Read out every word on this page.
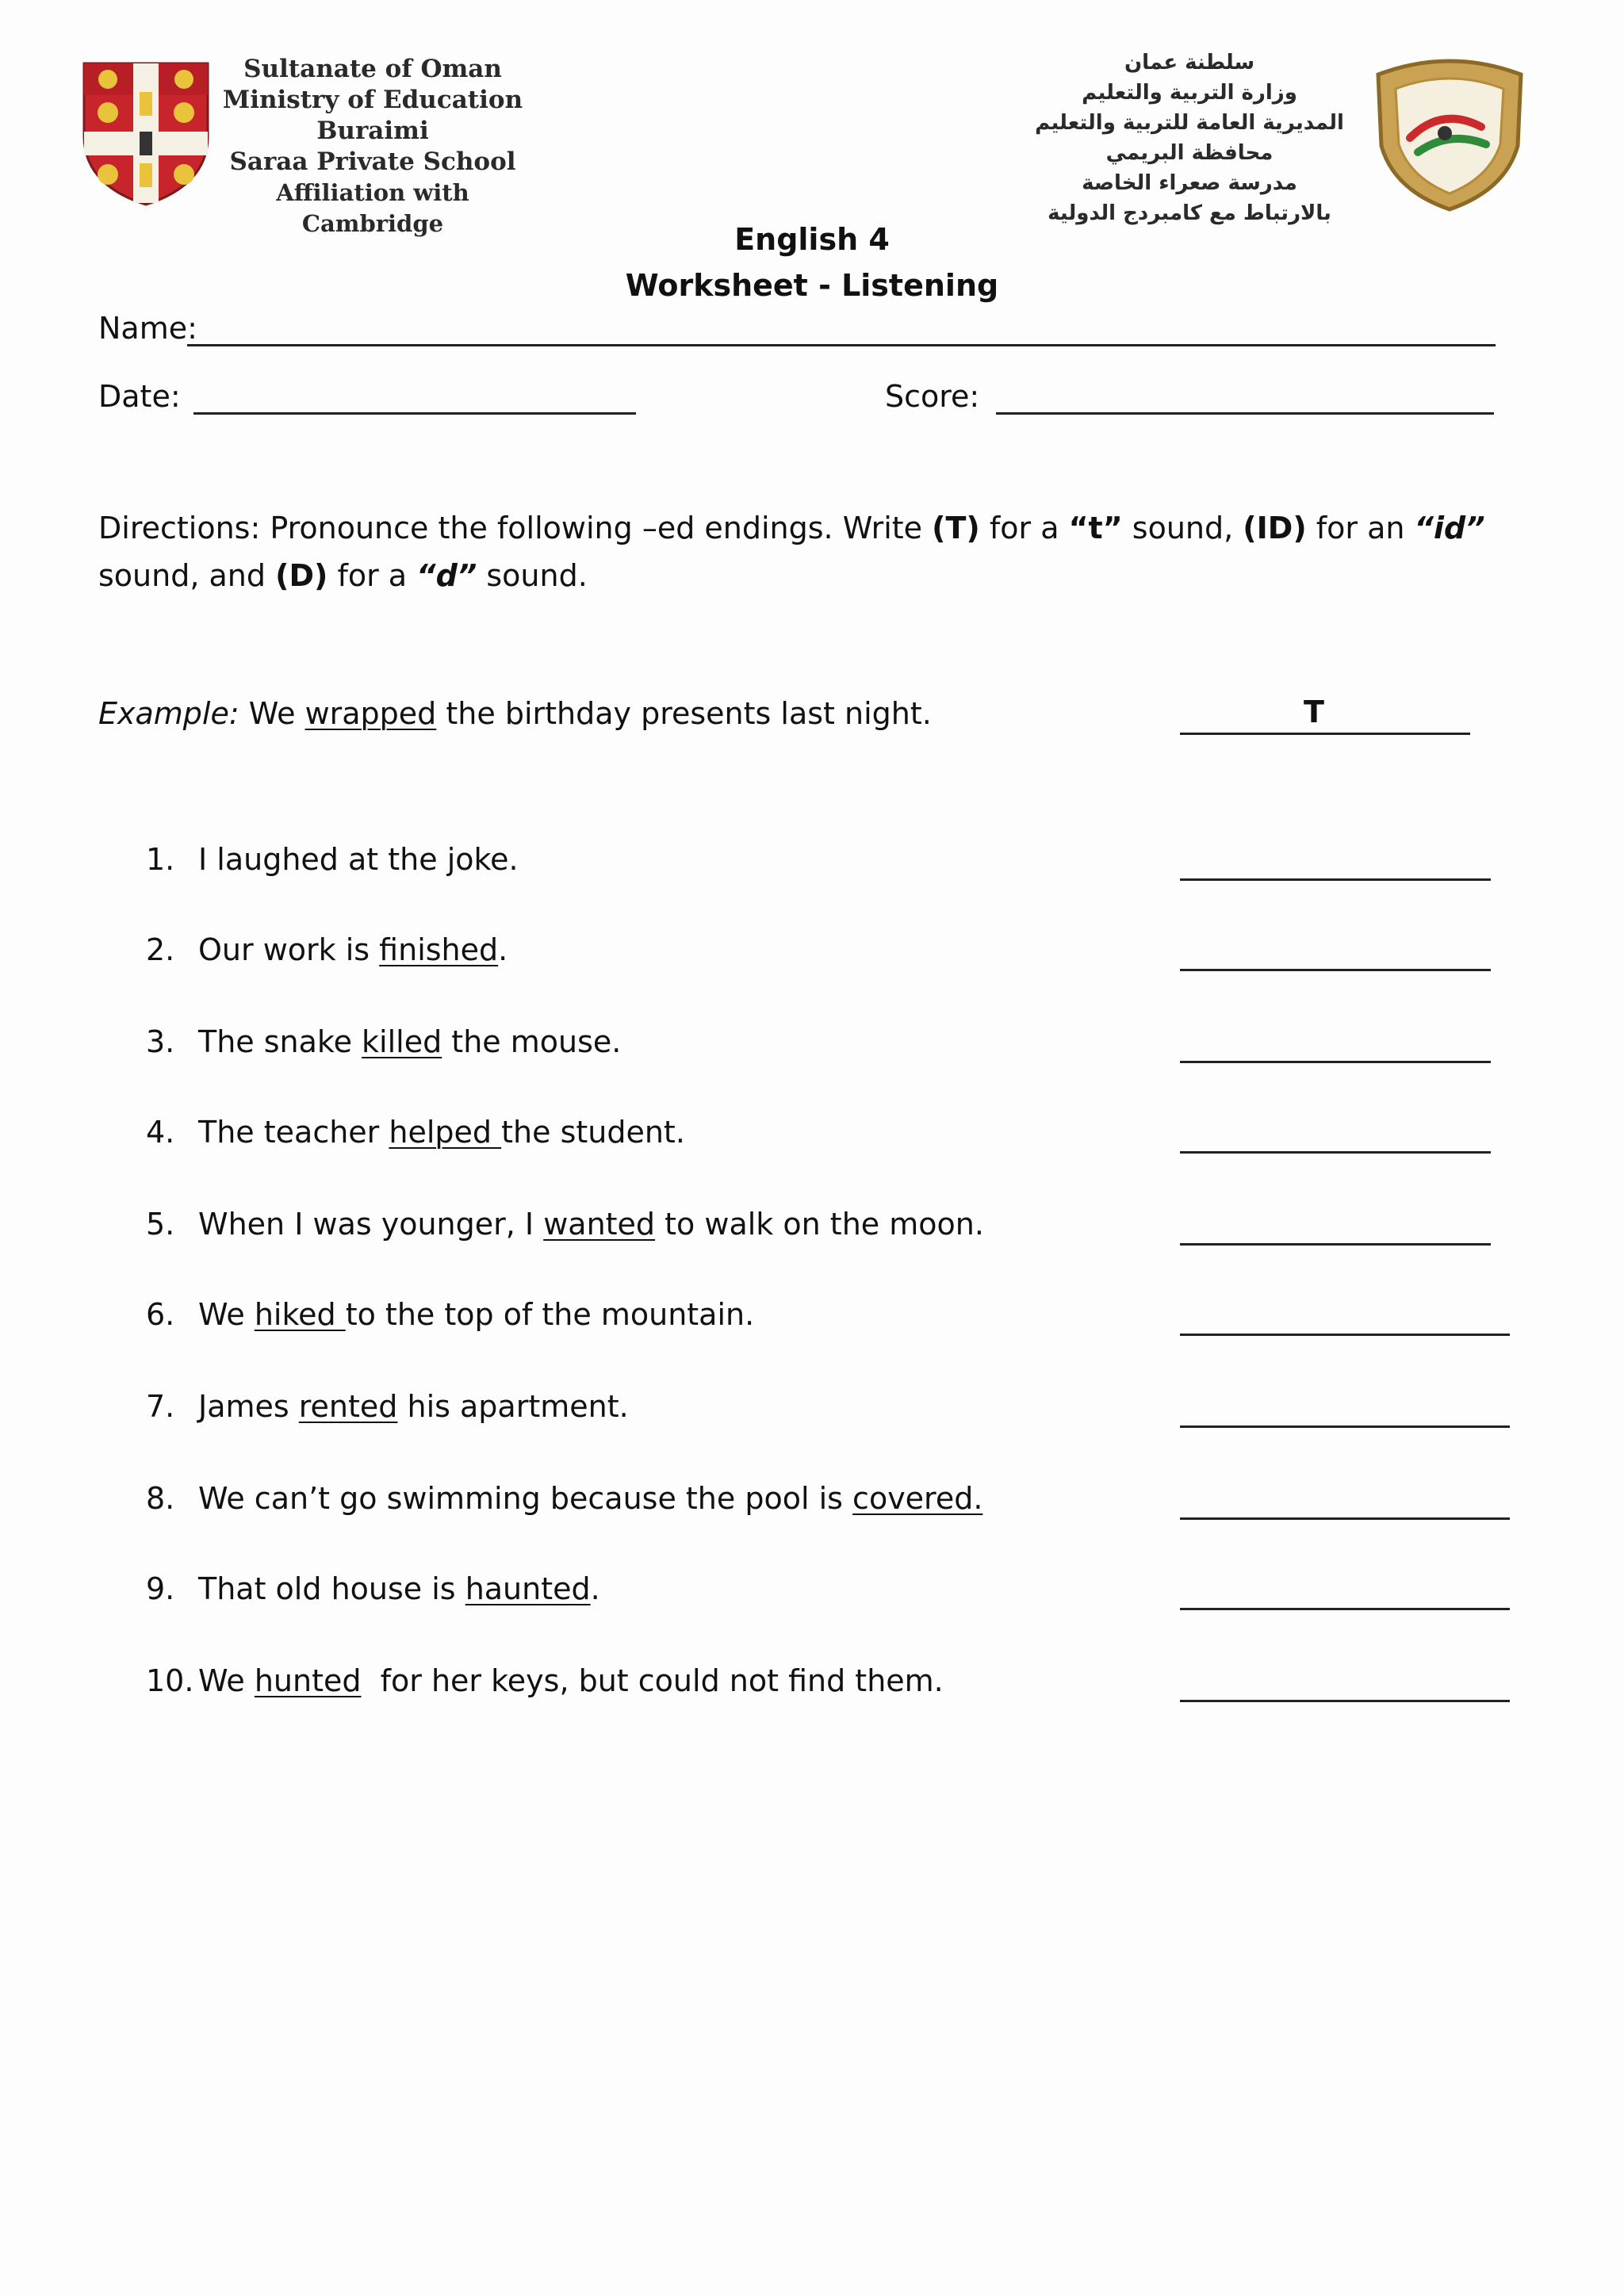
Sultanate of Oman
Ministry of Education
Buraimi
Saraa Private School
Affiliation with Cambridge
سلطنة عمان
وزارة التربية والتعليم
المديرية العامة للتربية والتعليم
محافظة البريمي
مدرسة صعراء الخاصة
بالارتباط مع كامبردج الدولية
English 4
Worksheet - Listening
Name:
Date:	Score:
Directions: Pronounce the following –ed endings. Write (T) for a “t” sound, (ID) for an “id” sound, and (D) for a “d” sound.
Example: We wrapped the birthday presents last night.	T
1. I laughed at the joke.
2. Our work is finished.
3. The snake killed the mouse.
4. The teacher helped the student.
5. When I was younger, I wanted to walk on the moon.
6. We hiked to the top of the mountain.
7. James rented his apartment.
8. We can’t go swimming because the pool is covered.
9. That old house is haunted.
10. We hunted  for her keys, but could not find them.
